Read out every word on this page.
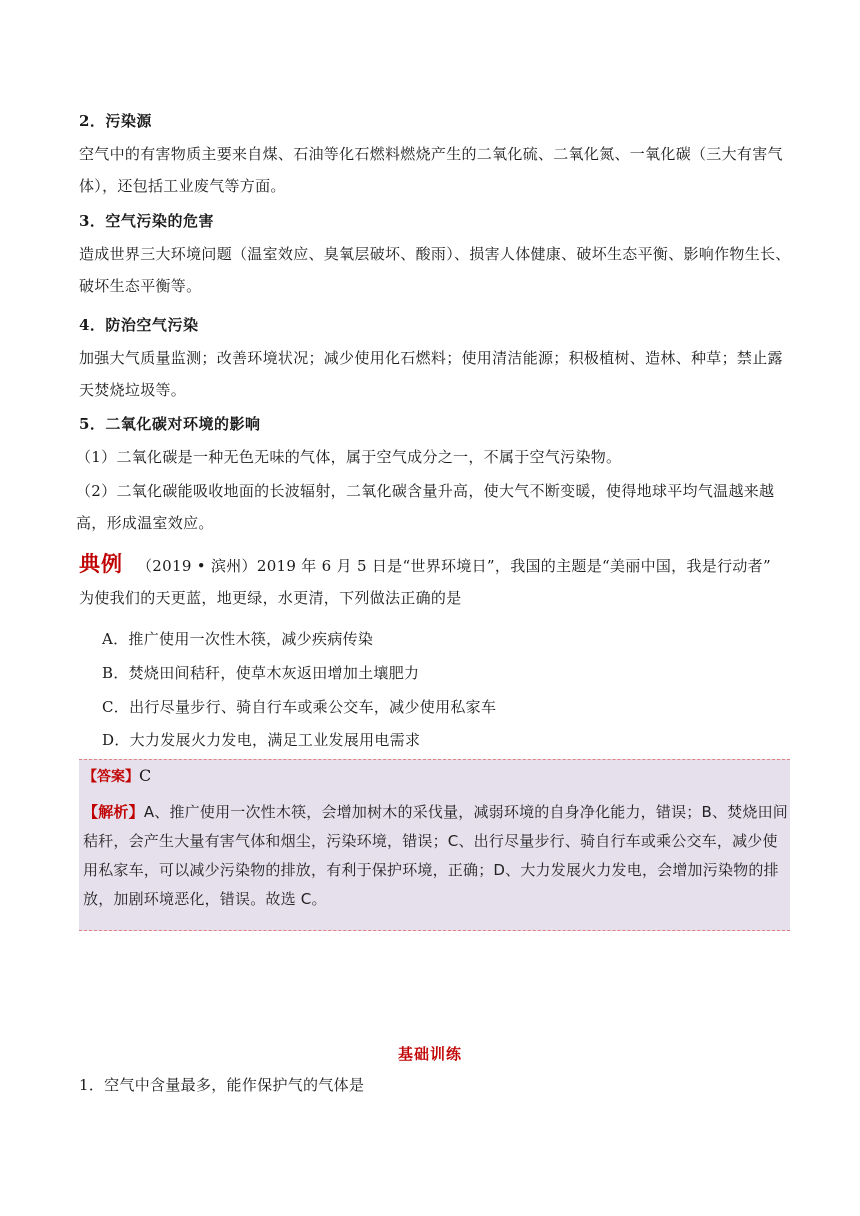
2．污染源
空气中的有害物质主要来自煤、石油等化石燃料燃烧产生的二氧化硫、二氧化氮、一氧化碳（三大有害气体），还包括工业废气等方面。
3．空气污染的危害
造成世界三大环境问题（温室效应、臭氧层破坏、酸雨）、损害人体健康、破坏生态平衡、影响作物生长、破坏生态平衡等。
4．防治空气污染
加强大气质量监测；改善环境状况；减少使用化石燃料；使用清洁能源；积极植树、造林、种草；禁止露天焚烧垃圾等。
5．二氧化碳对环境的影响
（1）二氧化碳是一种无色无味的气体，属于空气成分之一，不属于空气污染物。
（2）二氧化碳能吸收地面的长波辐射，二氧化碳含量升高，使大气不断变暖，使得地球平均气温越来越高，形成温室效应。
典例 （2019 • 滨州）2019 年 6 月 5 日是“世界环境日”，我国的主题是“美丽中国，我是行动者” 为使我们的天更蓝，地更绿，水更清，下列做法正确的是
A．推广使用一次性木筷，减少疾病传染
B．焚烧田间秸秆，使草木灰返田增加土壤肥力
C．出行尽量步行、骑自行车或乘公交车，减少使用私家车
D．大力发展火力发电，满足工业发展用电需求
【答案】C
【解析】A、推广使用一次性木筷，会增加树木的采伐量，减弱环境的自身净化能力，错误；B、焚烧田间秸秆，会产生大量有害气体和烟尘，污染环境，错误；C、出行尽量步行、骑自行车或乘公交车，减少使用私家车，可以减少污染物的排放，有利于保护环境，正确；D、大力发展火力发电，会增加污染物的排放，加剧环境恶化，错误。故选 C。
基础训练
1．空气中含量最多，能作保护气的气体是
